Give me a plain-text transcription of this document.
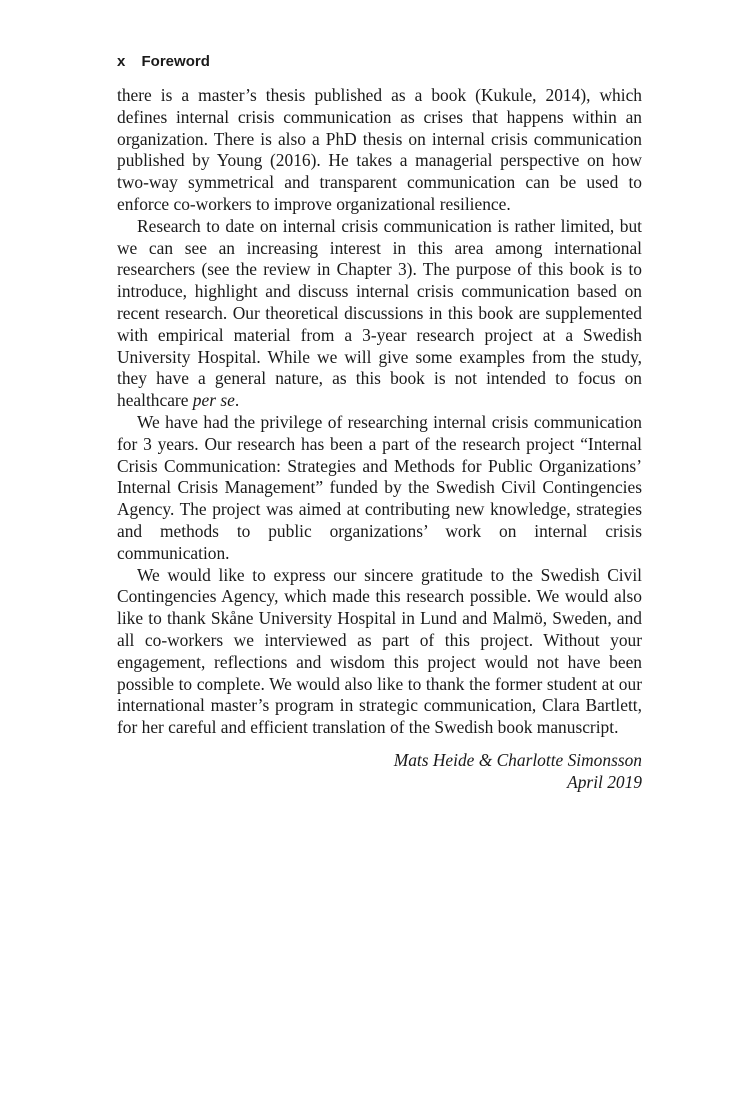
x Foreword

there is a master’s thesis published as a book (Kukule, 2014), which defines internal crisis communication as crises that happens within an organization. There is also a PhD thesis on internal crisis communication published by Young (2016). He takes a managerial perspective on how two-way symmetrical and transparent communication can be used to enforce co-workers to improve organizational resilience.

Research to date on internal crisis communication is rather limited, but we can see an increasing interest in this area among international researchers (see the review in Chapter 3). The purpose of this book is to introduce, highlight and discuss internal crisis communication based on recent research. Our theoretical discussions in this book are supplemented with empirical material from a 3-year research project at a Swedish University Hospital. While we will give some examples from the study, they have a general nature, as this book is not intended to focus on healthcare per se.

We have had the privilege of researching internal crisis communication for 3 years. Our research has been a part of the research project “Internal Crisis Communication: Strategies and Methods for Public Organizations’ Internal Crisis Management” funded by the Swedish Civil Contingencies Agency. The project was aimed at contributing new knowledge, strategies and methods to public organizations’ work on internal crisis communication.

We would like to express our sincere gratitude to the Swedish Civil Contingencies Agency, which made this research possible. We would also like to thank Skåne University Hospital in Lund and Malmö, Sweden, and all co-workers we interviewed as part of this project. Without your engagement, reflections and wisdom this project would not have been possible to complete. We would also like to thank the former student at our international master’s program in strategic communication, Clara Bartlett, for her careful and efficient translation of the Swedish book manuscript.

Mats Heide & Charlotte Simonsson
April 2019
